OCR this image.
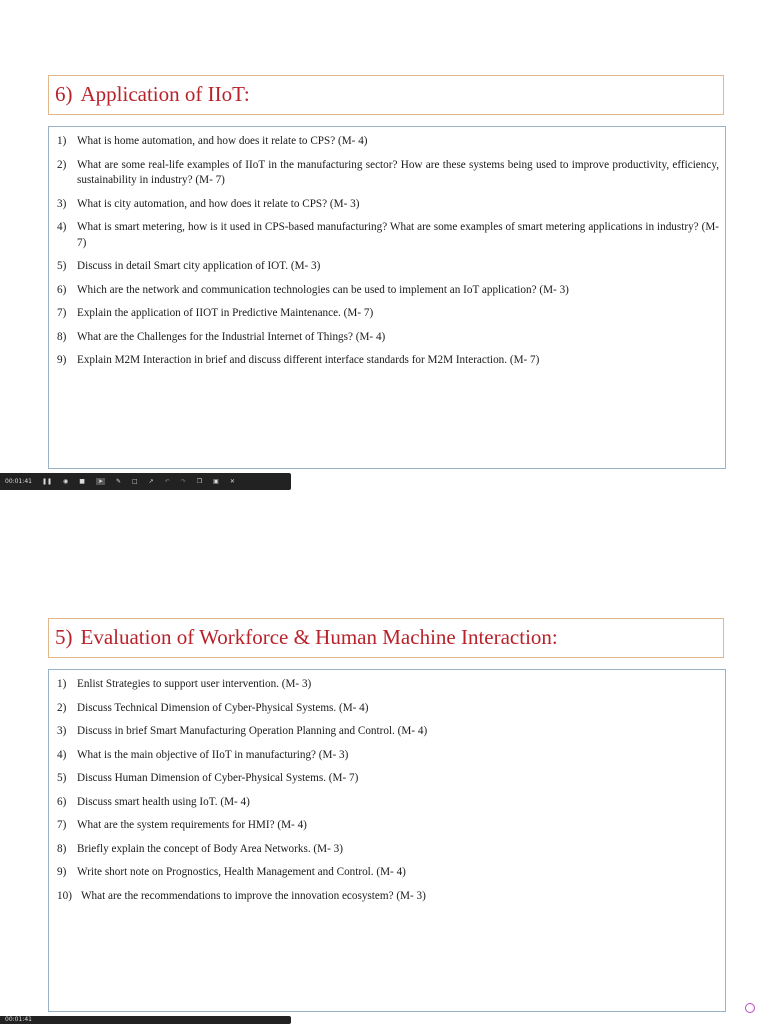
6) Application of IIoT:
1) What is home automation, and how does it relate to CPS? (M- 4)
2) What are some real-life examples of IIoT in the manufacturing sector? How are these systems being used to improve productivity, efficiency, sustainability in industry? (M- 7)
3) What is city automation, and how does it relate to CPS? (M- 3)
4) What is smart metering, how is it used in CPS-based manufacturing? What are some examples of smart metering applications in industry? (M- 7)
5) Discuss in detail Smart city application of IOT. (M- 3)
6) Which are the network and communication technologies can be used to implement an IoT application? (M- 3)
7) Explain the application of IIOT in Predictive Maintenance. (M- 7)
8) What are the Challenges for the Industrial Internet of Things? (M- 4)
9) Explain M2M Interaction in brief and discuss different interface standards for M2M Interaction. (M- 7)
00:01:41 ❚❚ ◉ ■	➤	✎ □ ↗ ↶ ↷ ❐ ▣ ✕
5) Evaluation of Workforce & Human Machine Interaction:
1) Enlist Strategies to support user intervention. (M- 3)
2) Discuss Technical Dimension of Cyber-Physical Systems. (M- 4)
3) Discuss in brief Smart Manufacturing Operation Planning and Control. (M- 4)
4) What is the main objective of IIoT in manufacturing? (M- 3)
5) Discuss Human Dimension of Cyber-Physical Systems. (M- 7)
6) Discuss smart health using IoT. (M- 4)
7) What are the system requirements for HMI? (M- 4)
8) Briefly explain the concept of Body Area Networks. (M- 3)
9) Write short note on Prognostics, Health Management and Control. (M- 4)
10) What are the recommendations to improve the innovation ecosystem? (M- 3)
00:01:41
